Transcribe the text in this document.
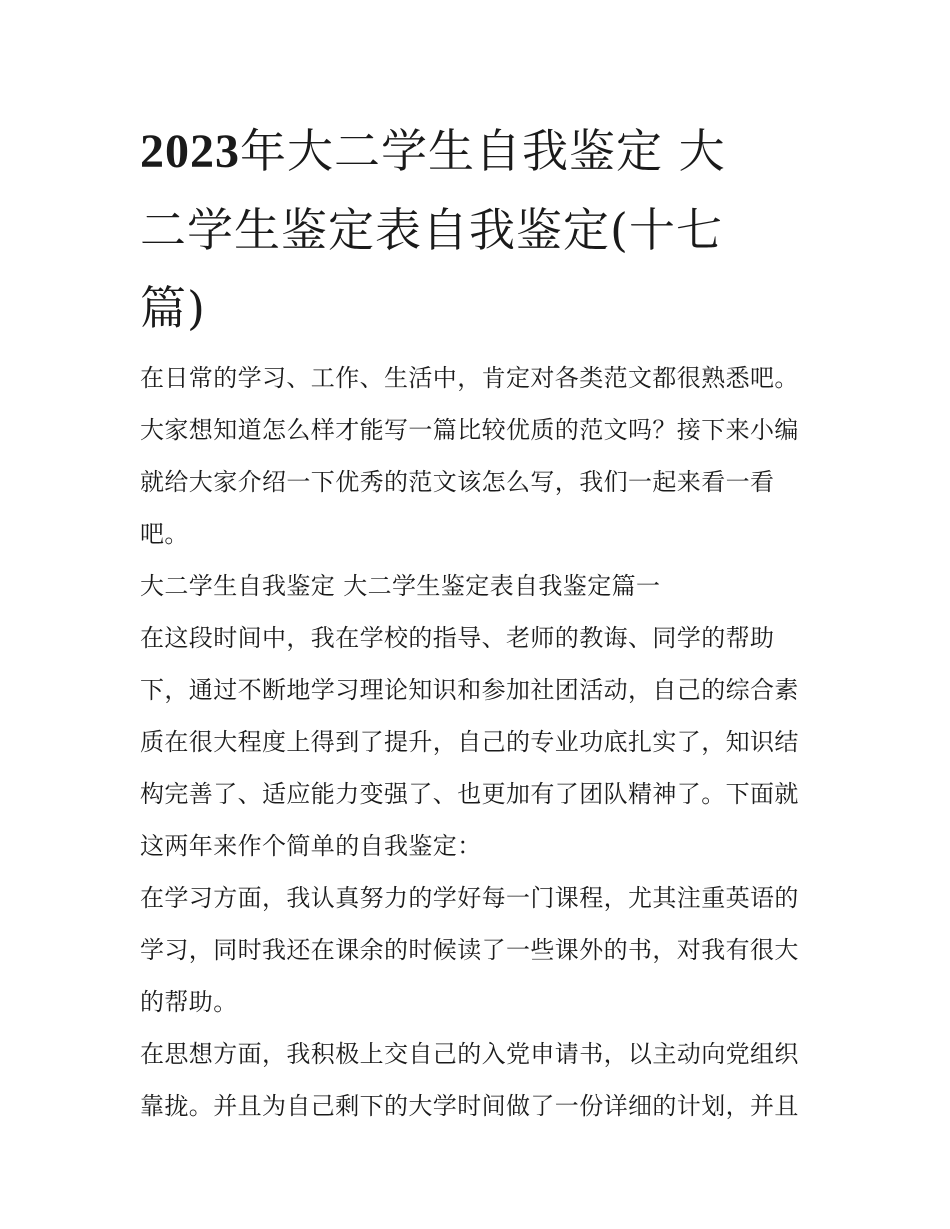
2023年大二学生自我鉴定 大
二学生鉴定表自我鉴定(十七
篇)

在日常的学习、工作、生活中，肯定对各类范文都很熟悉吧。大家想知道怎么样才能写一篇比较优质的范文吗？接下来小编就给大家介绍一下优秀的范文该怎么写，我们一起来看一看吧。

大二学生自我鉴定 大二学生鉴定表自我鉴定篇一

在这段时间中，我在学校的指导、老师的教诲、同学的帮助下，通过不断地学习理论知识和参加社团活动，自己的综合素质在很大程度上得到了提升，自己的专业功底扎实了，知识结构完善了、适应能力变强了、也更加有了团队精神了。下面就这两年来作个简单的自我鉴定：

在学习方面，我认真努力的学好每一门课程，尤其注重英语的学习，同时我还在课余的时候读了一些课外的书，对我有很大的帮助。

在思想方面，我积极上交自己的入党申请书，以主动向党组织靠拢。并且为自己剩下的大学时间做了一份详细的计划，并且
